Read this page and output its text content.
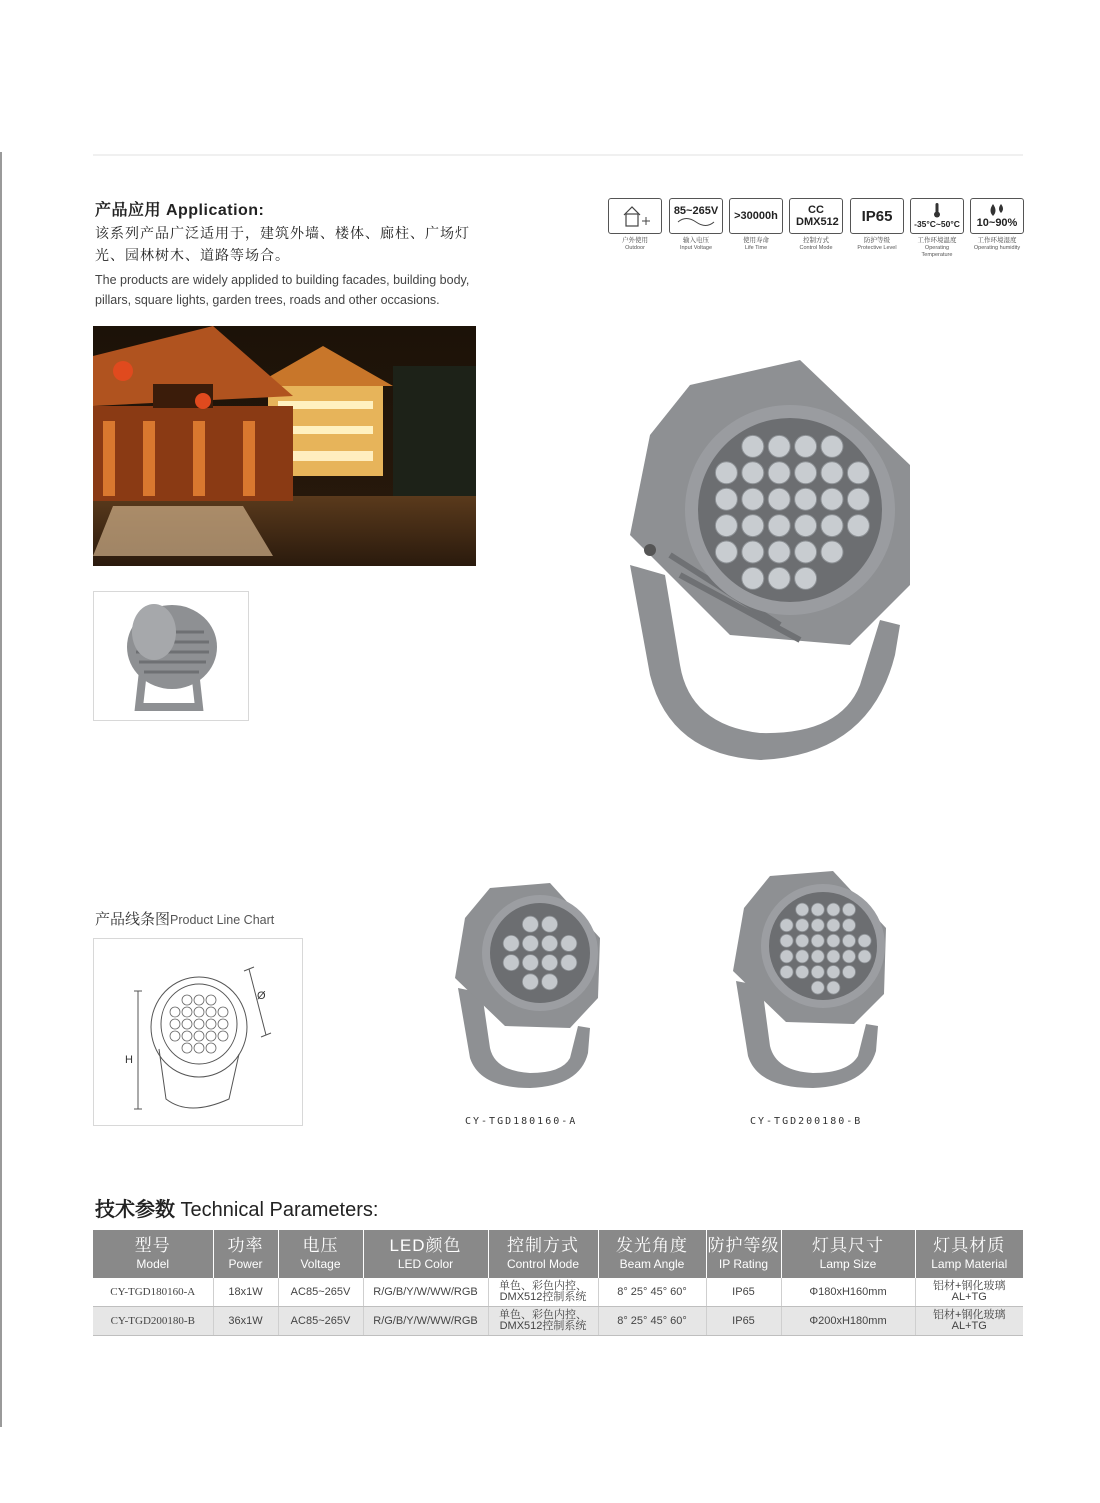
产品应用 Application:
该系列产品广泛适用于，建筑外墙、楼体、廊柱、广场灯光、园林树木、道路等场合。
The products are widely applided to building facades, building body, pillars, square lights, garden trees, roads and other occasions.
户外使用
Outdoor
85~265V
输入电压
Input Voltage
>30000h
使用寿命
Life Time
CC DMX512
控制方式
Control Mode
IP65
防护等级
Protective Level
-35°C~50°C
工作环境温度
Operating Temperature
10~90%
工作环境湿度
Operating humidity
产品线条图Product Line Chart
H
Ø
CY-TGD180160-A	CY-TGD200180-B
技术参数 Technical Parameters:
型号
Model	功率
Power	电压
Voltage	LED颜色
LED Color	控制方式
Control Mode	发光角度
Beam Angle	防护等级
IP Rating	灯具尺寸
Lamp Size	灯具材质
Lamp Material

CY-TGD180160-A	18x1W	AC85~265V	R/G/B/Y/W/WW/RGB	单色、彩色内控、DMX512控制系统	8° 25° 45° 60°	IP65	Φ180xH160mm	铝材+钢化玻璃 AL+TG
CY-TGD200180-B	36x1W	AC85~265V	R/G/B/Y/W/WW/RGB	单色、彩色内控、DMX512控制系统	8° 25° 45° 60°	IP65	Φ200xH180mm	铝材+钢化玻璃 AL+TG
